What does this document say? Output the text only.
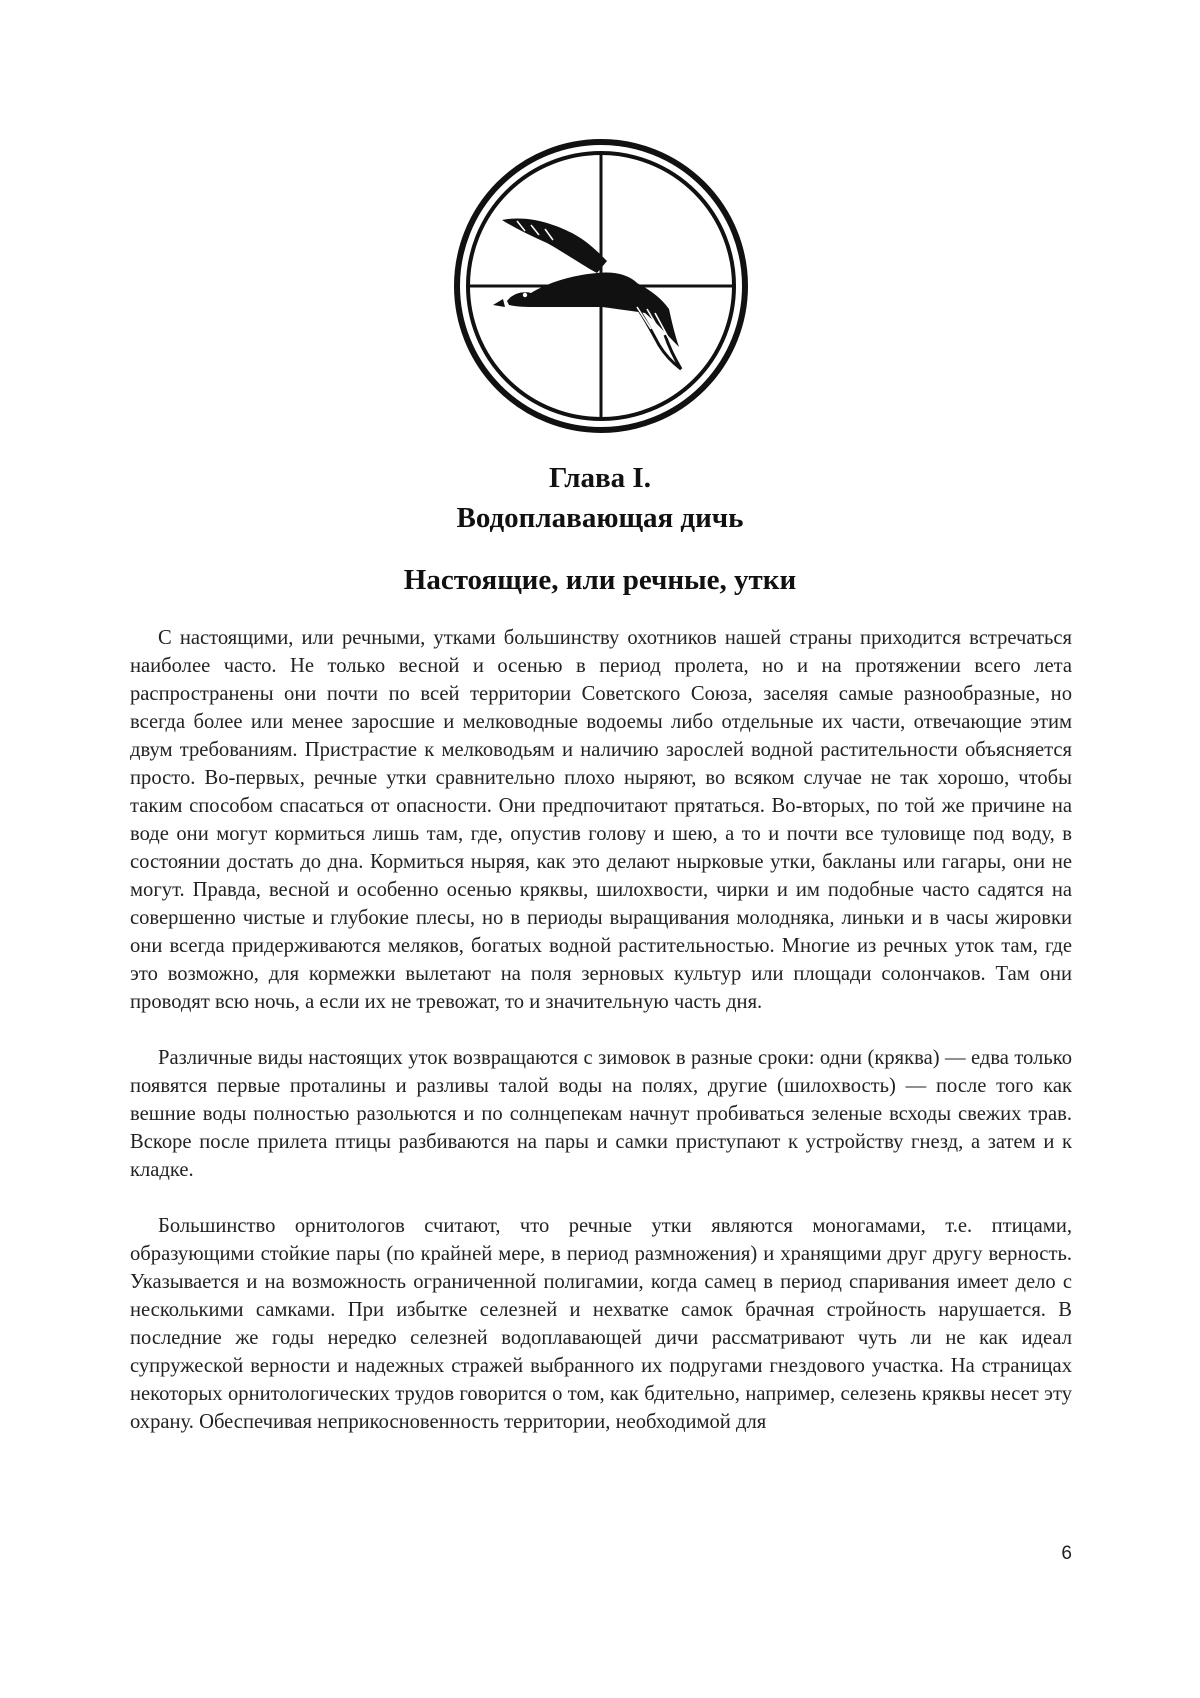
Глава I.
Водоплавающая дичь
Настоящие, или речные, утки

С настоящими, или речными, утками большинству охотников нашей страны приходится встречаться наиболее часто. Не только весной и осенью в период пролета, но и на протяжении всего лета распространены они почти по всей территории Советского Союза, заселяя самые разнообразные, но всегда более или менее заросшие и мелководные водоемы либо отдельные их части, отвечающие этим двум требованиям. Пристрастие к мелководьям и наличию зарослей водной растительности объясняется просто. Во-первых, речные утки сравнительно плохо ныряют, во всяком случае не так хорошо, чтобы таким способом спасаться от опасности. Они предпочитают прятаться. Во-вторых, по той же причине на воде они могут кормиться лишь там, где, опустив голову и шею, а то и почти все туловище под воду, в состоянии достать до дна. Кормиться ныряя, как это делают нырковые утки, бакланы или гагары, они не могут. Правда, весной и особенно осенью кряквы, шилохвости, чирки и им подобные часто садятся на совершенно чистые и глубокие плесы, но в периоды выращивания молодняка, линьки и в часы жировки они всегда придерживаются меляков, богатых водной растительностью. Многие из речных уток там, где это возможно, для кормежки вылетают на поля зерновых культур или площади солончаков. Там они проводят всю ночь, а если их не тревожат, то и значительную часть дня.

Различные виды настоящих уток возвращаются с зимовок в разные сроки: одни (кряква) — едва только появятся первые проталины и разливы талой воды на полях, другие (шилохвость) — после того как вешние воды полностью разольются и по солнцепекам начнут пробиваться зеленые всходы свежих трав. Вскоре после прилета птицы разбиваются на пары и самки приступают к устройству гнезд, а затем и к кладке.

Большинство орнитологов считают, что речные утки являются моногамами, т.е. птицами, образующими стойкие пары (по крайней мере, в период размножения) и хранящими друг другу верность. Указывается и на возможность ограниченной полигамии, когда самец в период спаривания имеет дело с несколькими самками. При избытке селезней и нехватке самок брачная стройность нарушается. В последние же годы нередко селезней водоплавающей дичи рассматривают чуть ли не как идеал супружеской верности и надежных стражей выбранного их подругами гнездового участка. На страницах некоторых орнитологических трудов говорится о том, как бдительно, например, селезень кряквы несет эту охрану. Обеспечивая неприкосновенность территории, необходимой для

6
